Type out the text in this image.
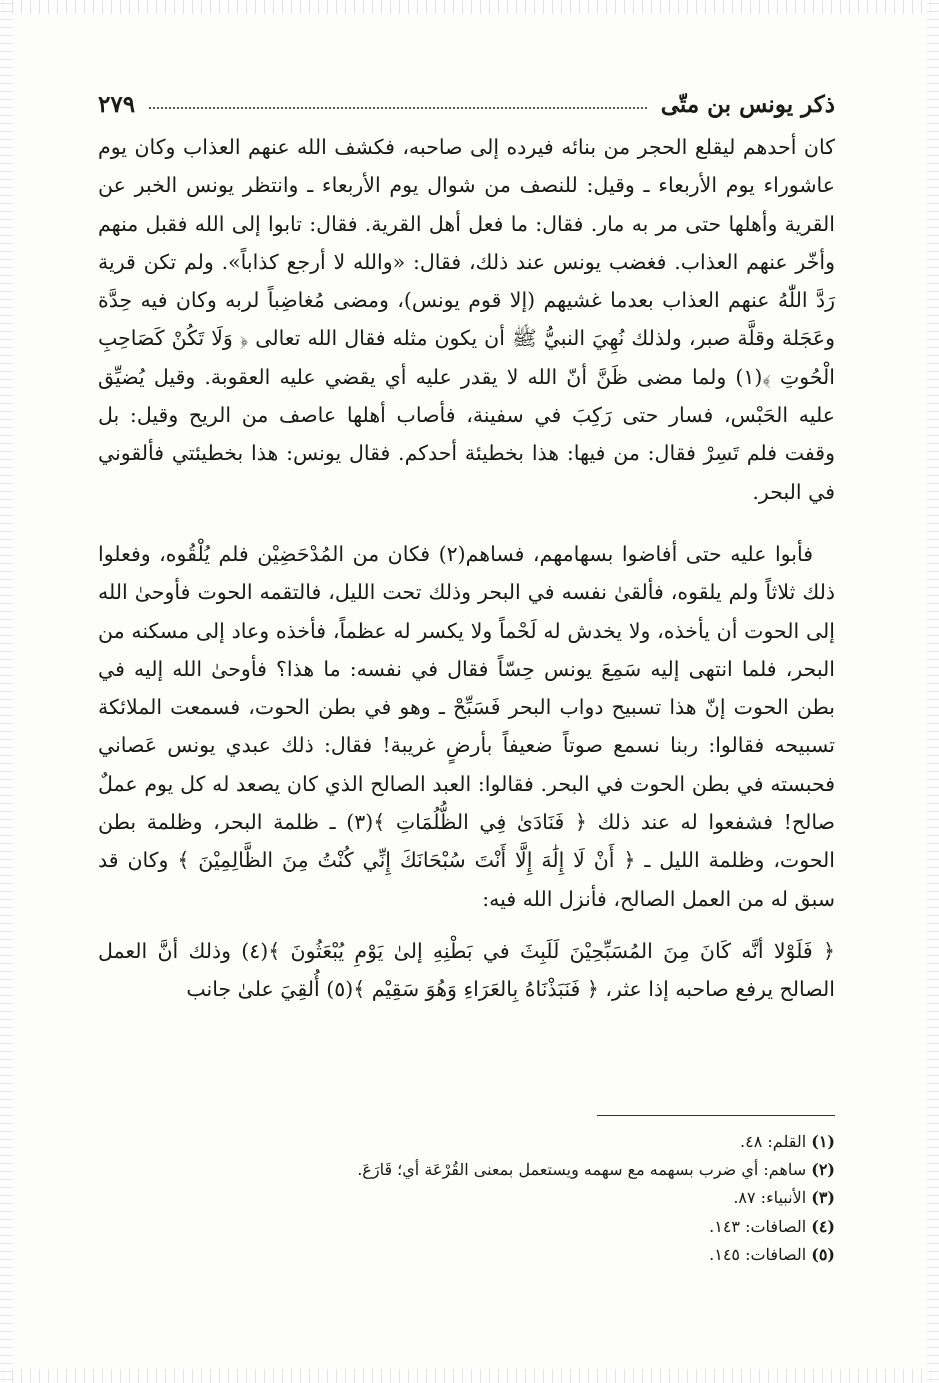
ذكر يونس بن متّى
٢٧٩

كان أحدهم ليقلع الحجر من بنائه فيرده إلى صاحبه، فكشف الله عنهم العذاب وكان يوم عاشوراء يوم الأربعاء ـ وقيل: للنصف من شوال يوم الأربعاء ـ وانتظر يونس الخبر عن القرية وأهلها حتى مر به مار. فقال: ما فعل أهل القرية. فقال: تابوا إلى الله فقبل منهم وأخّر عنهم العذاب. فغضب يونس عند ذلك، فقال: «والله لا أرجع كذاباً». ولم تكن قرية رَدَّ اللّٰهُ عنهم العذاب بعدما غشيهم (إلا قوم يونس)، ومضى مُغاضِباً لربه وكان فيه حِدَّة وعَجَلة وقلَّة صبر، ولذلك نُهِيَ النبيُّ ﷺ أن يكون مثله فقال الله تعالى ﴿ وَلَا تَكُنْ كَصَاحِبِ الْحُوتِ ﴾(١) ولما مضى ظَنَّ أنّ الله لا يقدر عليه أي يقضي عليه العقوبة. وقيل يُضيِّق عليه الحَبْس، فسار حتى رَكِبَ في سفينة، فأصاب أهلها عاصف من الريح وقيل: بل وقفت فلم تَسِرْ فقال: من فيها: هذا بخطيئة أحدكم. فقال يونس: هذا بخطيئتي فألقوني في البحر.

فأبوا عليه حتى أفاضوا بسهامهم، فساهم(٢) فكان من المُدْحَضِيْن فلم يُلْقُوه، وفعلوا ذلك ثلاثاً ولم يلقوه، فألقىٰ نفسه في البحر وذلك تحت الليل، فالتقمه الحوت فأوحىٰ الله إلى الحوت أن يأخذه، ولا يخدش له لَحْماً ولا يكسر له عظماً، فأخذه وعاد إلى مسكنه من البحر، فلما انتهى إليه سَمِعَ يونس حِسّاً فقال في نفسه: ما هذا؟ فأوحىٰ الله إليه في بطن الحوت إنّ هذا تسبيح دواب البحر فَسَبِّحْ ـ وهو في بطن الحوت، فسمعت الملائكة تسبيحه فقالوا: ربنا نسمع صوتاً ضعيفاً بأرضٍ غريبة! فقال: ذلك عبدي يونس عَصاني فحبسته في بطن الحوت في البحر. فقالوا: العبد الصالح الذي كان يصعد له كل يوم عملٌ صالح! فشفعوا له عند ذلك ﴿ فَنَادَىٰ فِي الظُّلُمَاتِ ﴾(٣) ـ ظلمة البحر، وظلمة بطن الحوت، وظلمة الليل ـ ﴿ أَنْ لَا إِلَٰهَ إِلَّا أَنْتَ سُبْحَانَكَ إِنِّي كُنْتُ مِنَ الظَّالِمِيْنَ ﴾ وكان قد سبق له من العمل الصالح، فأنزل الله فيه:

﴿ فَلَوْلا أنَّه كَانَ مِنَ المُسَبِّحِيْنَ لَلَبِثَ في بَطْنِهِ إلىٰ يَوْمِ يُبْعَثُونَ ﴾(٤) وذلك أنَّ العمل الصالح يرفع صاحبه إذا عثر، ﴿ فَنَبَذْنَاهُ بِالعَرَاءِ وَهُوَ سَقِيْم ﴾(٥) أُلقِيَ علىٰ جانب

(١) القلم: ٤٨.
(٢) ساهم: أي ضرب بسهمه مع سهمه ويستعمل بمعنى القُرْعَة أي؛ قَارَعَ.
(٣) الأنبياء: ٨٧.
(٤) الصافات: ١٤٣.
(٥) الصافات: ١٤٥.
